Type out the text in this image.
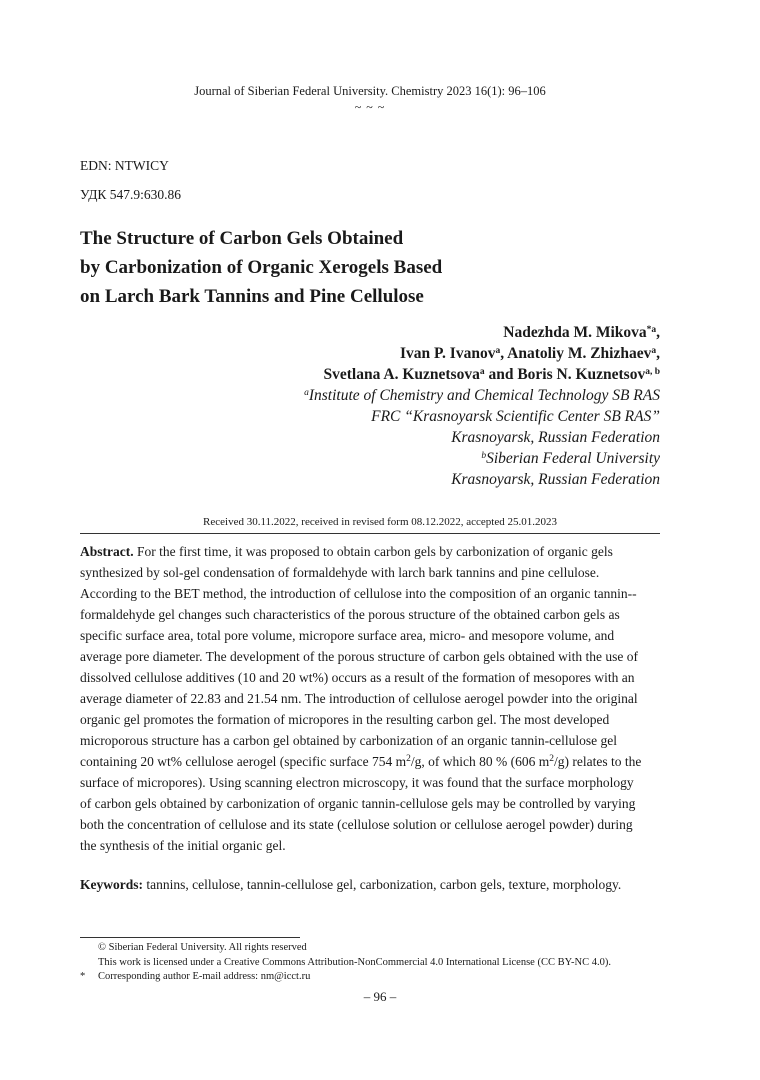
Journal of Siberian Federal University. Chemistry 2023 16(1): 96–106
~ ~ ~
EDN: NTWICY
УДК 547.9:630.86
The Structure of Carbon Gels Obtained
by Carbonization of Organic Xerogels Based
on Larch Bark Tannins and Pine Cellulose
Nadezhda M. Mikova$^{*a}$,
Ivan P. Ivanov$^a$, Anatoliy M. Zhizhaev$^a$,
Svetlana A. Kuznetsova$^a$ and Boris N. Kuznetsov$^{a, b}$
$^a$Institute of Chemistry and Chemical Technology SB RAS
FRC “Krasnoyarsk Scientific Center SB RAS”
Krasnoyarsk, Russian Federation
$^b$Siberian Federal University
Krasnoyarsk, Russian Federation
Received 30.11.2022, received in revised form 08.12.2022, accepted 25.01.2023
Abstract. For the first time, it was proposed to obtain carbon gels by carbonization of organic gels
synthesized by sol-gel condensation of formaldehyde with larch bark tannins and pine cellulose.
According to the BET method, the introduction of cellulose into the composition of an organic tannin-‐
formaldehyde gel changes such characteristics of the porous structure of the obtained carbon gels as
specific surface area, total pore volume, micropore surface area, micro- and mesopore volume, and
average pore diameter. The development of the porous structure of carbon gels obtained with the use of
dissolved cellulose additives (10 and 20 wt%) occurs as a result of the formation of mesopores with an
average diameter of 22.83 and 21.54 nm. The introduction of cellulose aerogel powder into the original
organic gel promotes the formation of micropores in the resulting carbon gel. The most developed
microporous structure has a carbon gel obtained by carbonization of an organic tannin-cellulose gel
containing 20 wt% cellulose aerogel (specific surface 754 $m^2/g$, of which 80 % (606 $m^2/g$) relates to the
surface of micropores). Using scanning electron microscopy, it was found that the surface morphology
of carbon gels obtained by carbonization of organic tannin-cellulose gels may be controlled by varying
both the concentration of cellulose and its state (cellulose solution or cellulose aerogel powder) during
the synthesis of the initial organic gel.
Keywords: tannins, cellulose, tannin-cellulose gel, carbonization, carbon gels, texture, morphology.
© Siberian Federal University. All rights reserved
This work is licensed under a Creative Commons Attribution-NonCommercial 4.0 International License (CC BY-NC 4.0).
* Corresponding author E-mail address: nm@icct.ru
– 96 –
